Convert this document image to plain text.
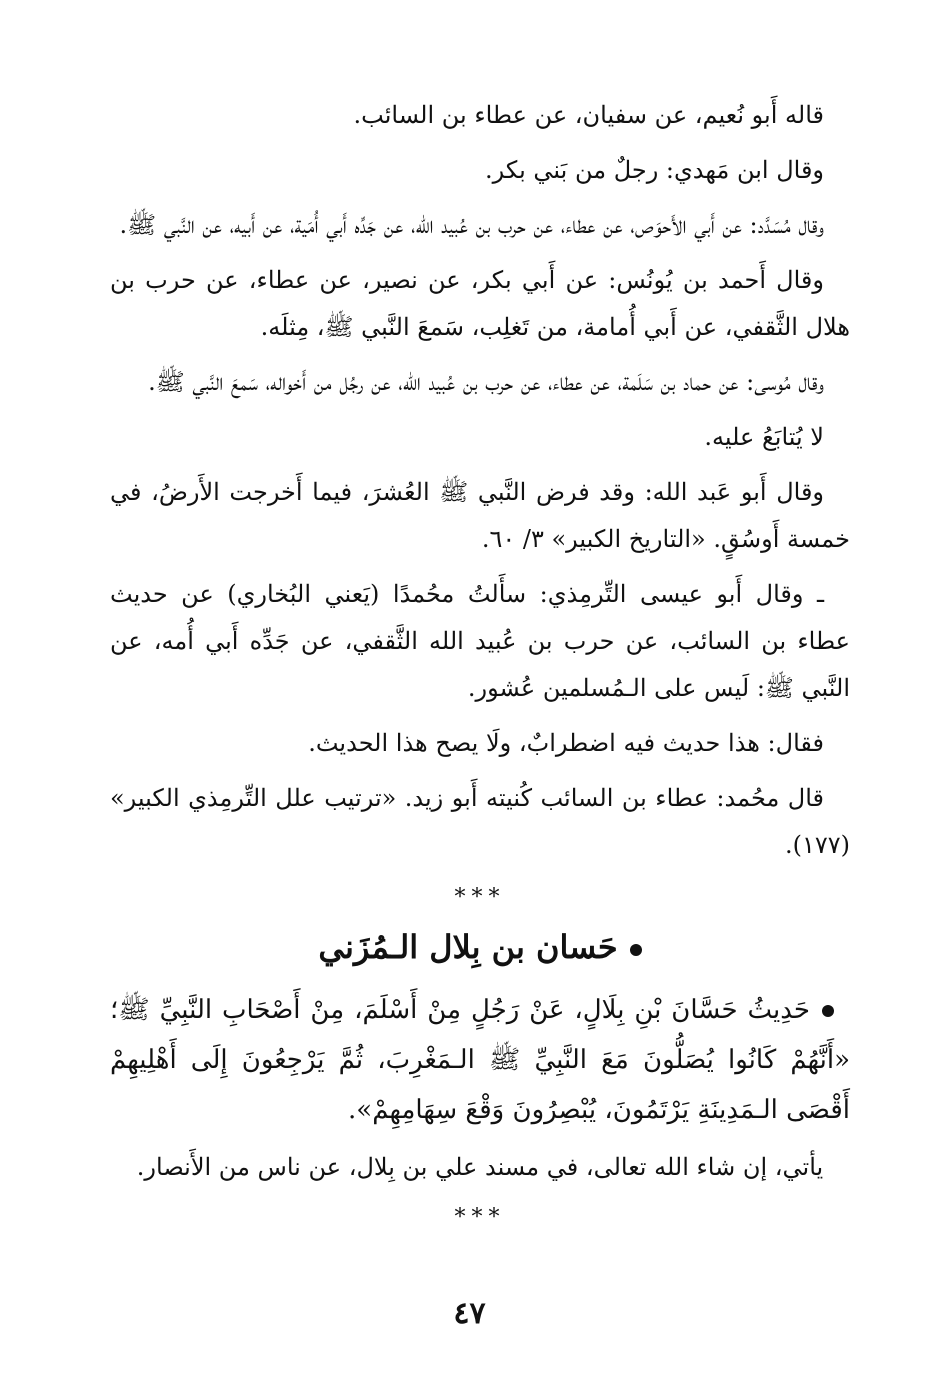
قاله أَبو نُعيم، عن سفيان، عن عطاء بن السائب.

وقال ابن مَهدي: رجلٌ من بَني بكر.

وقال مُسَدَّد: عن أَبي الأَحوَص، عن عطاء، عن حرب بن عُبيد الله، عن جَدِّه أَبي أُمَية، عن أَبيه، عن النَّبي ﷺ.

وقال أَحمد بن يُونُس: عن أَبي بكر، عن نصير، عن عطاء، عن حرب بن هلال الثَّقفي، عن أَبي أُمامة، من تَغلِب، سَمعَ النَّبي ﷺ، مِثلَه.

وقال مُوسى: عن حماد بن سَلَمة، عن عطاء، عن حرب بن عُبيد الله، عن رجُل من أَخواله، سَمعَ النَّبي ﷺ.

لا يُتابَعُ عليه.

وقال أَبو عَبد الله: وقد فرض النَّبي ﷺ العُشرَ، فيما أَخرجت الأَرضُ، في خمسة أَوسُقٍ. «التاريخ الكبير» ٣/ ٦٠.

ـ وقال أَبو عيسى التِّرمِذي: سأَلتُ محُمدًا (يَعني البُخاري) عن حديث عطاء بن السائب، عن حرب بن عُبيد الله الثَّقفي، عن جَدِّه أَبي أُمه، عن النَّبي ﷺ: لَيس على الـمُسلمين عُشور.

فقال: هذا حديث فيه اضطرابٌ، ولَا يصح هذا الحديث.

قال محُمد: عطاء بن السائب كُنيته أَبو زيد. «ترتيب علل التِّرمِذي الكبير» (١٧٧).

***
حَسان بن بِلال الـمُزَني

حَدِيثُ حَسَّانَ بْنِ بِلَالٍ، عَنْ رَجُلٍ مِنْ أَسْلَمَ، مِنْ أَصْحَابِ النَّبِيِّ ﷺ؛ «أَنَّهُمْ كَانُوا يُصَلُّونَ مَعَ النَّبِيِّ ﷺ الـمَغْرِبَ، ثُمَّ يَرْجِعُونَ إِلَى أَهْلِيهِمْ أَقْصَى الـمَدِينَةِ يَرْتَمُونَ، يُبْصِرُونَ وَقْعَ سِهَامِهِمْ».

يأتي، إن شاء الله تعالى، في مسند علي بن بِلال، عن ناس من الأَنصار.
***
٤٧
